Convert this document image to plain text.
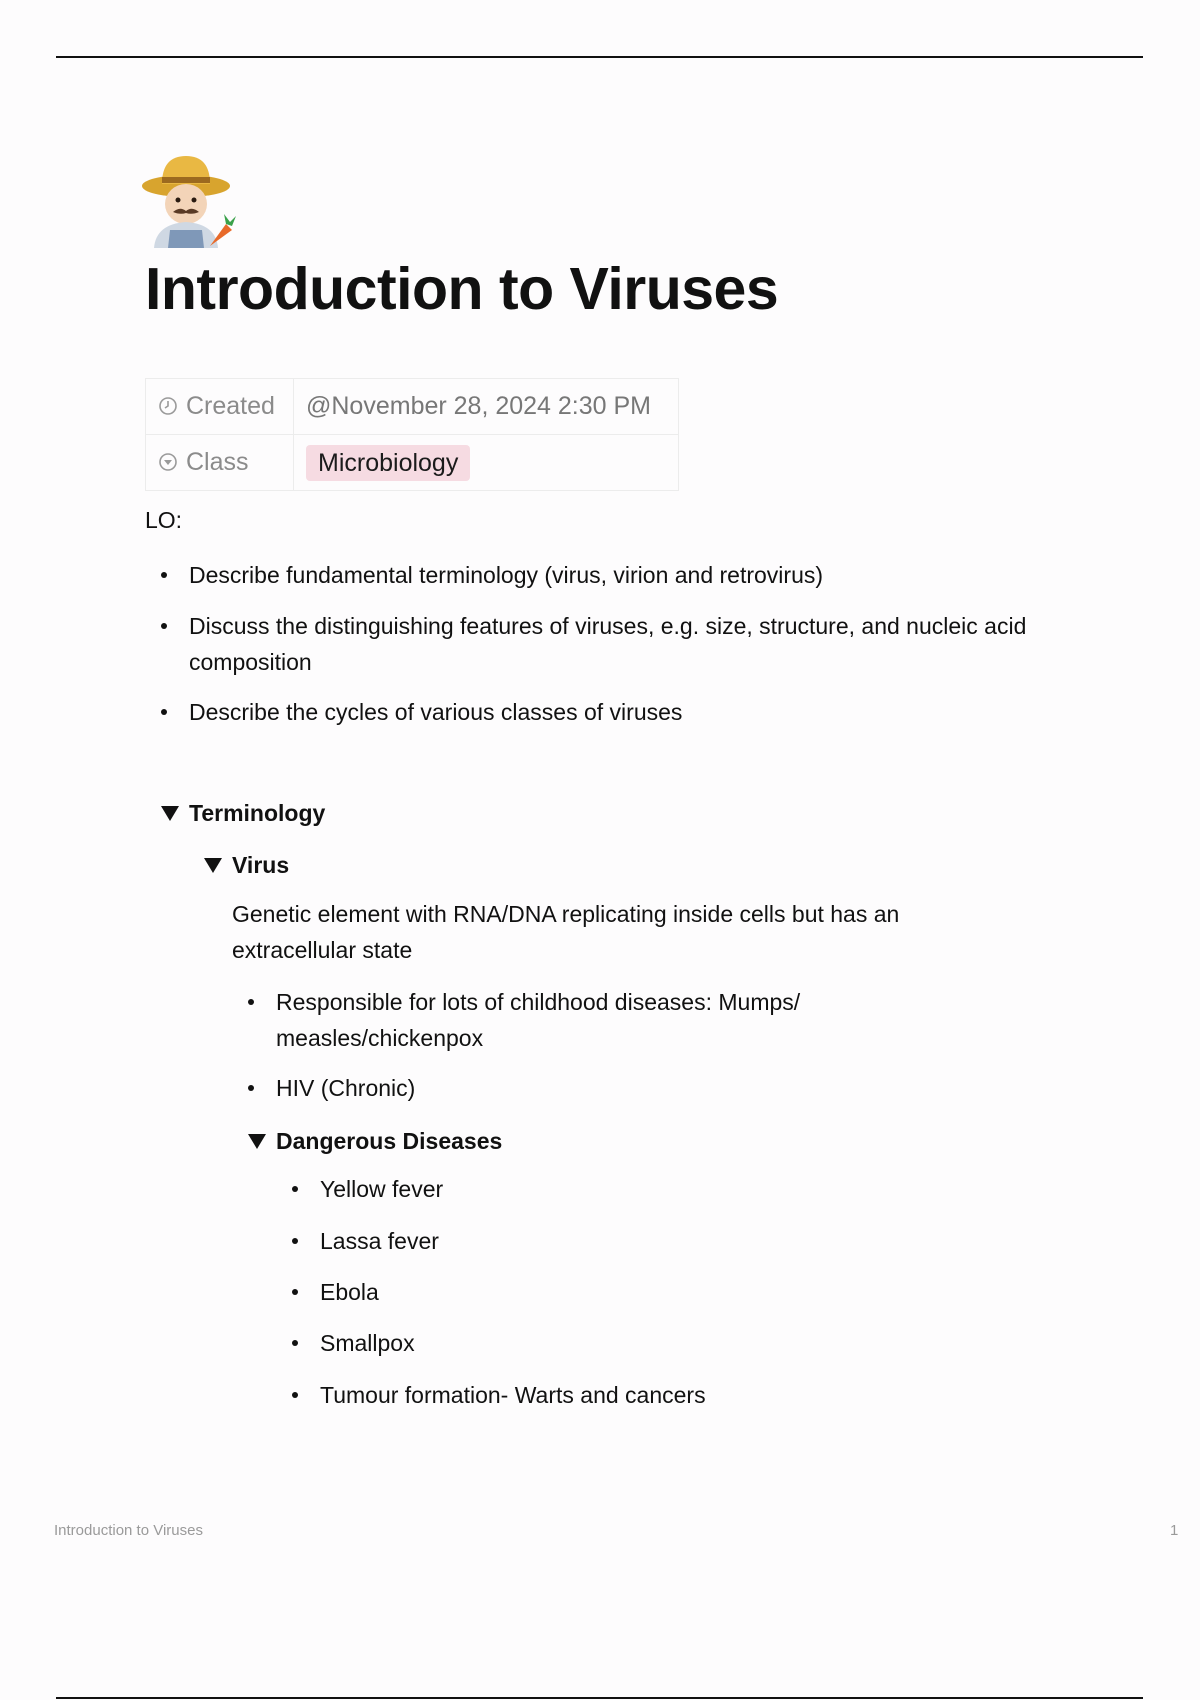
Introduction to Viruses
Created	@November 28, 2024 2:30 PM
Class	Microbiology
LO:
Describe fundamental terminology (virus, virion and retrovirus)
Discuss the distinguishing features of viruses, e.g. size, structure, and nucleic acid composition
Describe the cycles of various classes of viruses
Terminology
Virus
Genetic element with RNA/DNA replicating inside cells but has an extracellular state
Responsible for lots of childhood diseases: Mumps/ measles/chickenpox
HIV (Chronic)
Dangerous Diseases
Yellow fever
Lassa fever
Ebola
Smallpox
Tumour formation- Warts and cancers
Introduction to Viruses	1
